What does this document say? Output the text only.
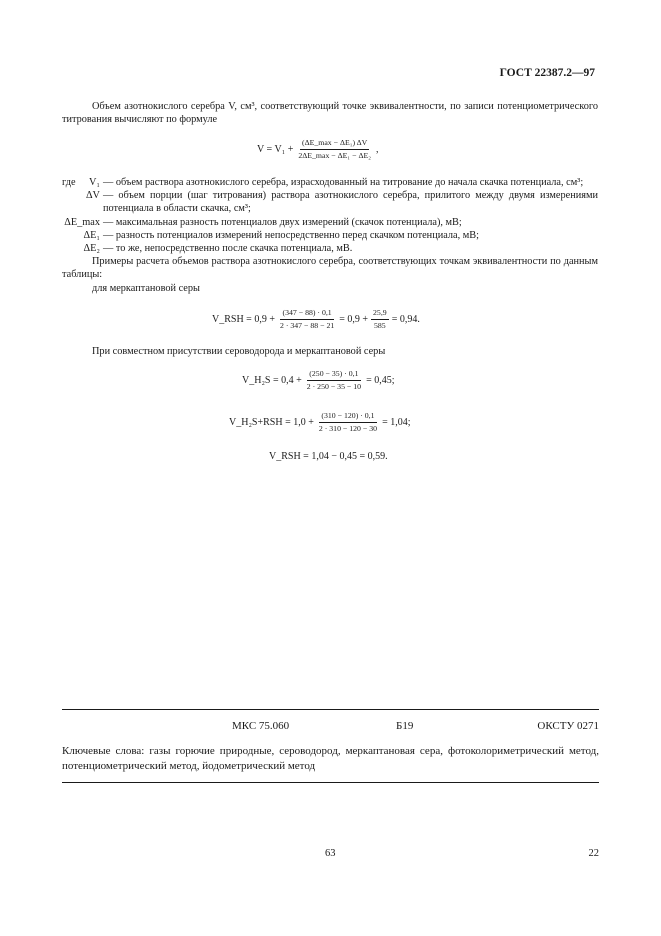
ГОСТ 22387.2—97
Объем азотнокислого серебра V, см³, соответствующий точке эквивалентности, по записи потенциометрического титрования вычисляют по формуле
$V = V_1 + \frac{\text{(ΔE\_max − ΔE₁) ΔV}}{\text{2ΔE\_max − ΔE₁ − ΔE₂}}$ ,
где	V₁ — объем раствора азотнокислого серебра, израсходованный на титрование до начала скачка потенциала, см³;
ΔV — объем порции (шаг титрования) раствора азотнокислого серебра, прилитого между двумя измерениями потенциала в области скачка, см³;
ΔE_max — максимальная разность потенциалов двух измерений (скачок потенциала), мВ;
ΔE₁ — разность потенциалов измерений непосредственно перед скачком потенциала, мВ;
ΔE₂ — то же, непосредственно после скачка потенциала, мВ.
Примеры расчета объемов раствора азотнокислого серебра, соответствующих точкам эквивалентности по данным таблицы:
для меркаптановой серы
V_RSH = $0,9 + \frac{(347 - 88) \cdot 0,1}{2 \cdot 347 - 88 - 21} = 0,9 + \frac{25,9}{585} = 0,94$.
При совместном присутствии сероводорода и меркаптановой серы
V_H₂S = $0,4 + \frac{(250 - 35) \cdot 0,1}{2 \cdot 250 - 35 - 10} = 0,45$;
V_H₂S+RSH = $1,0 + \frac{(310 - 120) \cdot 0,1}{2 \cdot 310 - 120 - 30} = 1,04$;
V_RSH = 1,04 − 0,45 = 0,59.
МКС 75.060	Б19	ОКСТУ 0271
Ключевые слова: газы горючие природные, сероводород, меркаптановая сера, фотоколориметрический метод, потенциометрический метод, йодометрический метод
63	22
